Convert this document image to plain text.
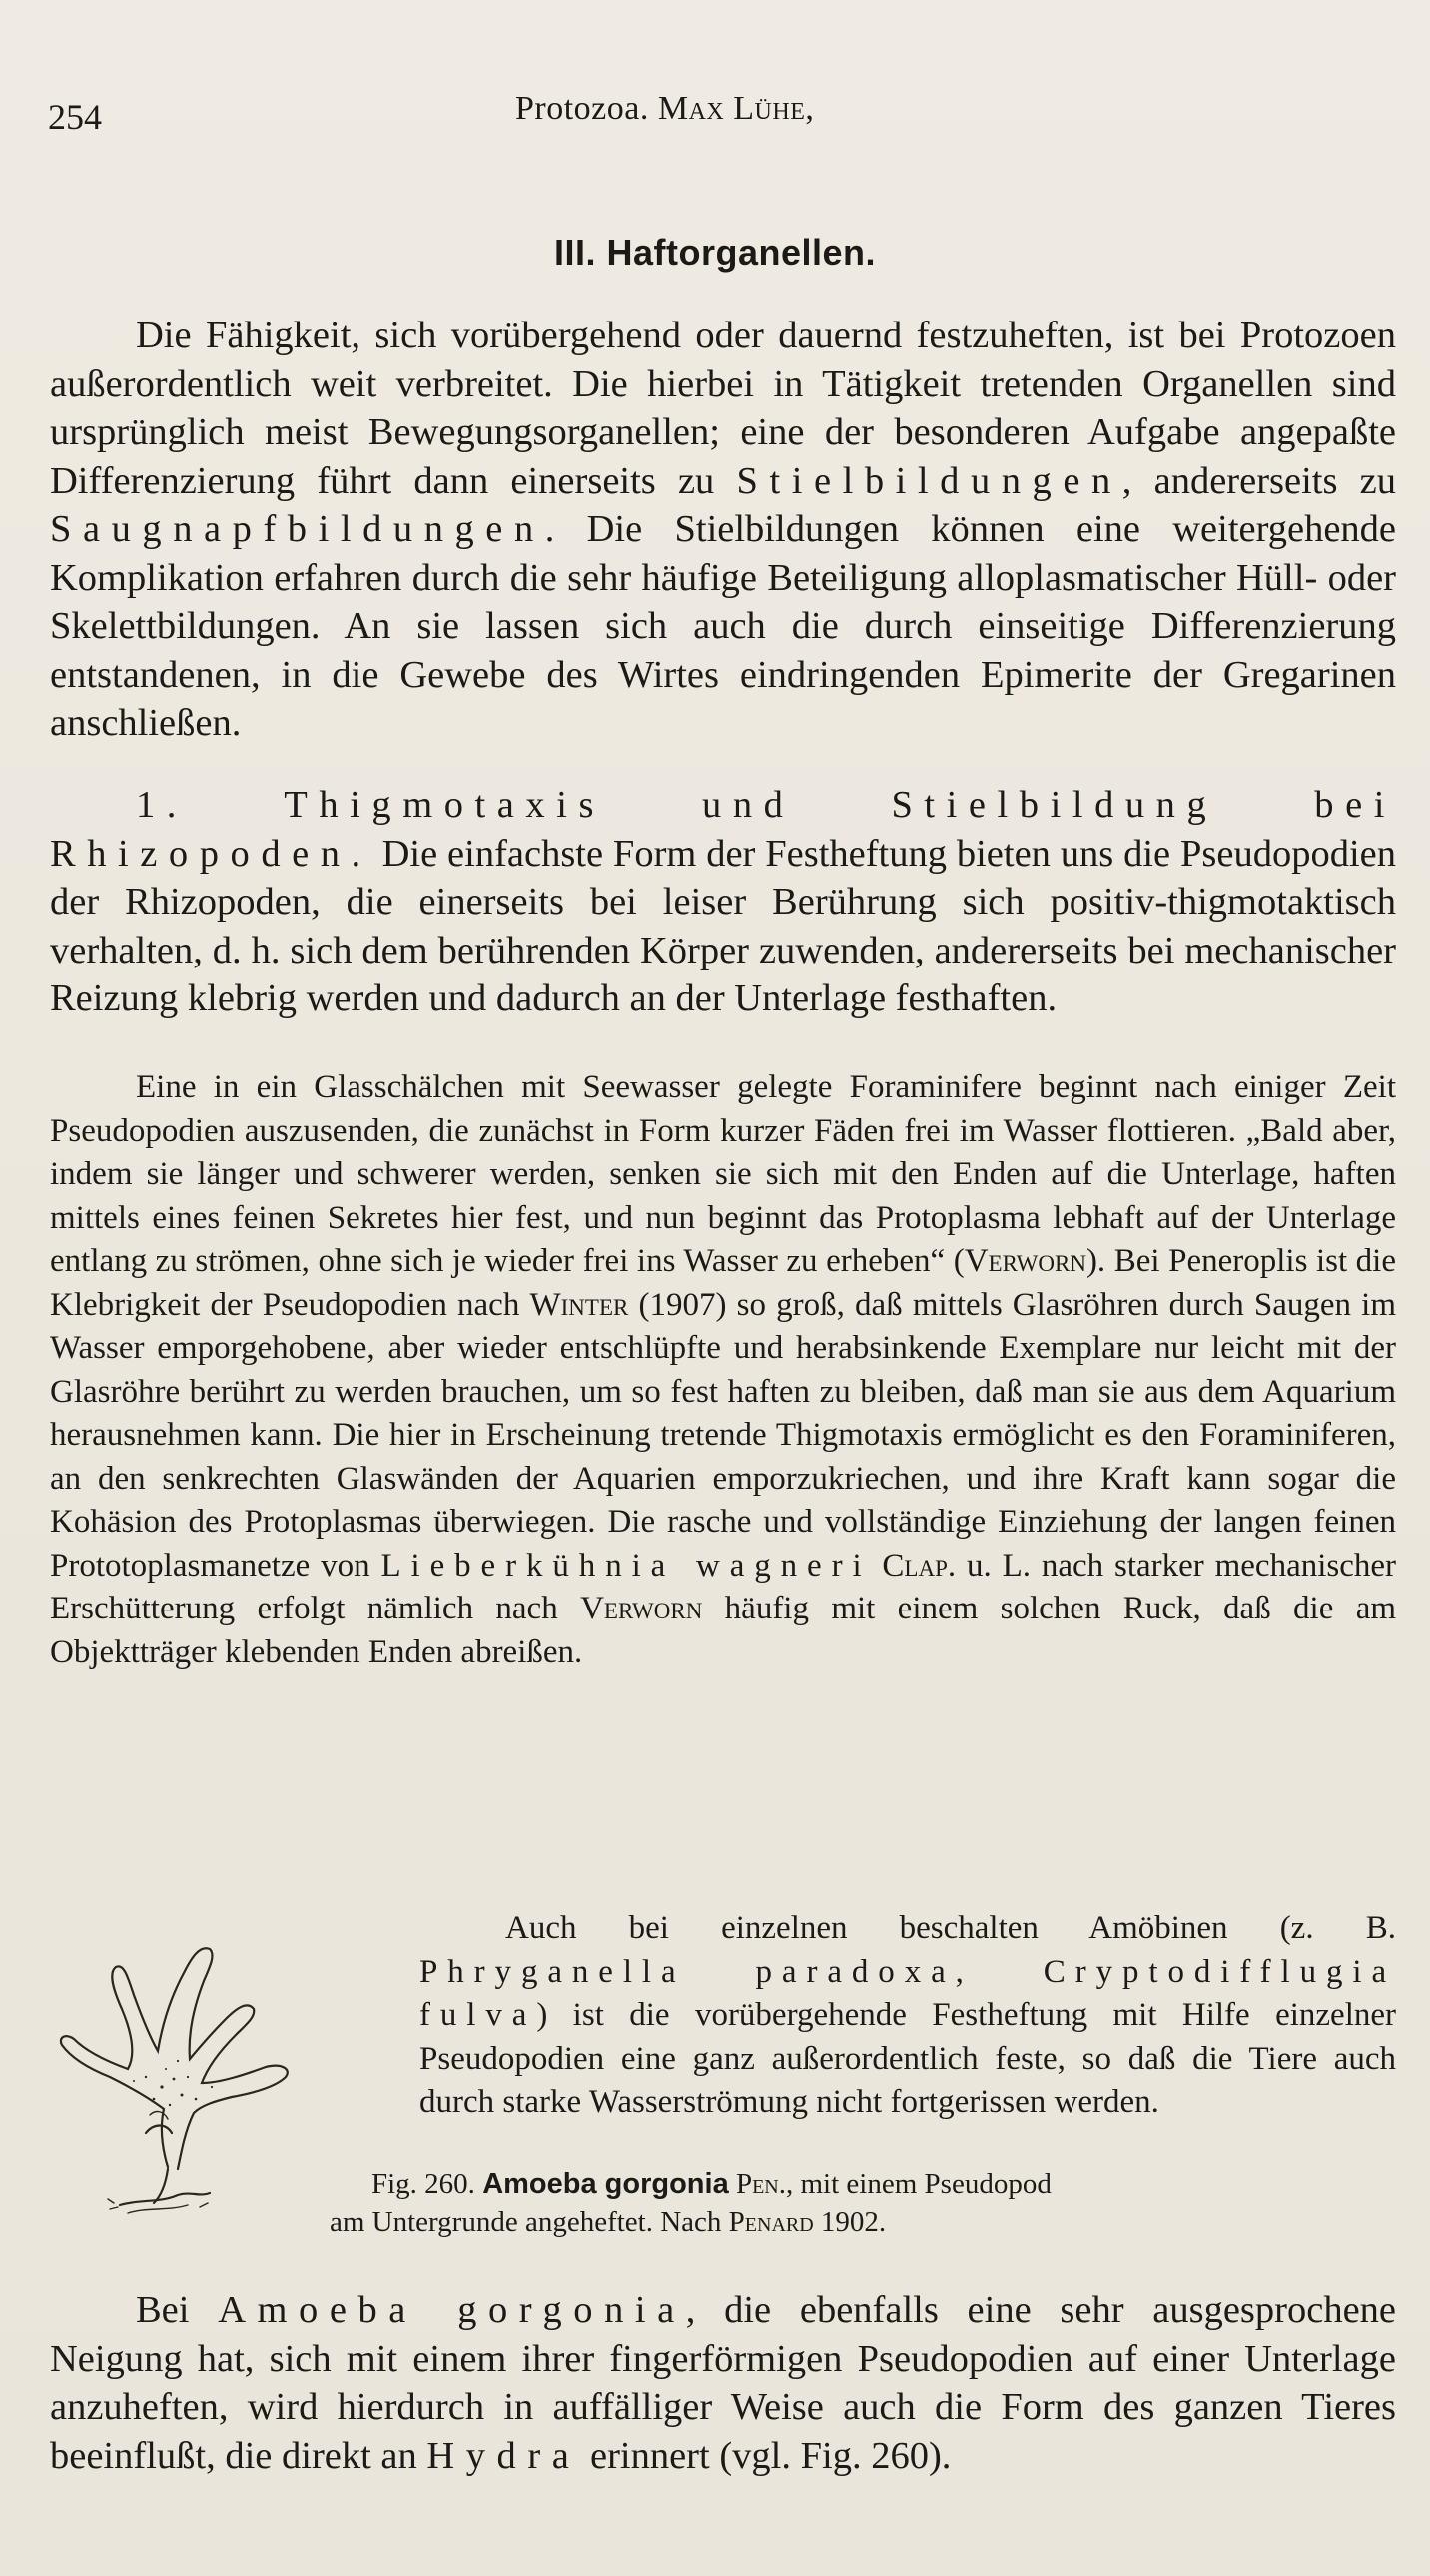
254	Protozoa. Max Lühe,
III. Haftorganellen.

Die Fähigkeit, sich vorübergehend oder dauernd festzuheften, ist bei Protozoen außerordentlich weit verbreitet. Die hierbei in Tätigkeit tretenden Organellen sind ursprünglich meist Bewegungsorganellen; eine der besonderen Aufgabe angepaßte Differenzierung führt dann einerseits zu Stielbildungen, andererseits zu Saugnapfbildungen. Die Stielbildungen können eine weitergehende Komplikation erfahren durch die sehr häufige Beteiligung alloplasmatischer Hüll- oder Skelettbildungen. An sie lassen sich auch die durch einseitige Differenzierung entstandenen, in die Gewebe des Wirtes eindringenden Epimerite der Gregarinen anschließen.

1. Thigmotaxis und Stielbildung bei Rhizopoden. Die einfachste Form der Festheftung bieten uns die Pseudopodien der Rhizopoden, die einerseits bei leiser Berührung sich positiv-thigmotaktisch verhalten, d. h. sich dem berührenden Körper zuwenden, andererseits bei mechanischer Reizung klebrig werden und dadurch an der Unterlage festhaften.

Eine in ein Glasschälchen mit Seewasser gelegte Foraminifere beginnt nach einiger Zeit Pseudopodien auszusenden, die zunächst in Form kurzer Fäden frei im Wasser flottieren. „Bald aber, indem sie länger und schwerer werden, senken sie sich mit den Enden auf die Unterlage, haften mittels eines feinen Sekretes hier fest, und nun beginnt das Protoplasma lebhaft auf der Unterlage entlang zu strömen, ohne sich je wieder frei ins Wasser zu erheben“ (Verworn). Bei Peneroplis ist die Klebrigkeit der Pseudopodien nach Winter (1907) so groß, daß mittels Glasröhren durch Saugen im Wasser emporgehobene, aber wieder entschlüpfte und herabsinkende Exemplare nur leicht mit der Glasröhre berührt zu werden brauchen, um so fest haften zu bleiben, daß man sie aus dem Aquarium herausnehmen kann. Die hier in Erscheinung tretende Thigmotaxis ermöglicht es den Foraminiferen, an den senkrechten Glaswänden der Aquarien emporzukriechen, und ihre Kraft kann sogar die Kohäsion des Protoplasmas überwiegen. Die rasche und vollständige Einziehung der langen feinen Prototoplasmanetze von Lieberkühnia wagneri Clap. u. L. nach starker mechanischer Erschütterung erfolgt nämlich nach Verworn häufig mit einem solchen Ruck, daß die am Objektträger klebenden Enden abreißen.

Auch bei einzelnen beschalten Amöbinen (z. B. Phryganella paradoxa, Cryptodifflugia fulva) ist die vorübergehende Festheftung mit Hilfe einzelner Pseudopodien eine ganz außerordentlich feste, so daß die Tiere auch durch starke Wasserströmung nicht fortgerissen werden.

Fig. 260. Amoeba gorgonia Pen., mit einem Pseudopod
am Untergrunde angeheftet. Nach Penard 1902.

Bei Amoeba gorgonia, die ebenfalls eine sehr ausgesprochene Neigung hat, sich mit einem ihrer fingerförmigen Pseudopodien auf einer Unterlage anzuheften, wird hierdurch in auffälliger Weise auch die Form des ganzen Tieres beeinflußt, die direkt an Hydra erinnert (vgl. Fig. 260).
